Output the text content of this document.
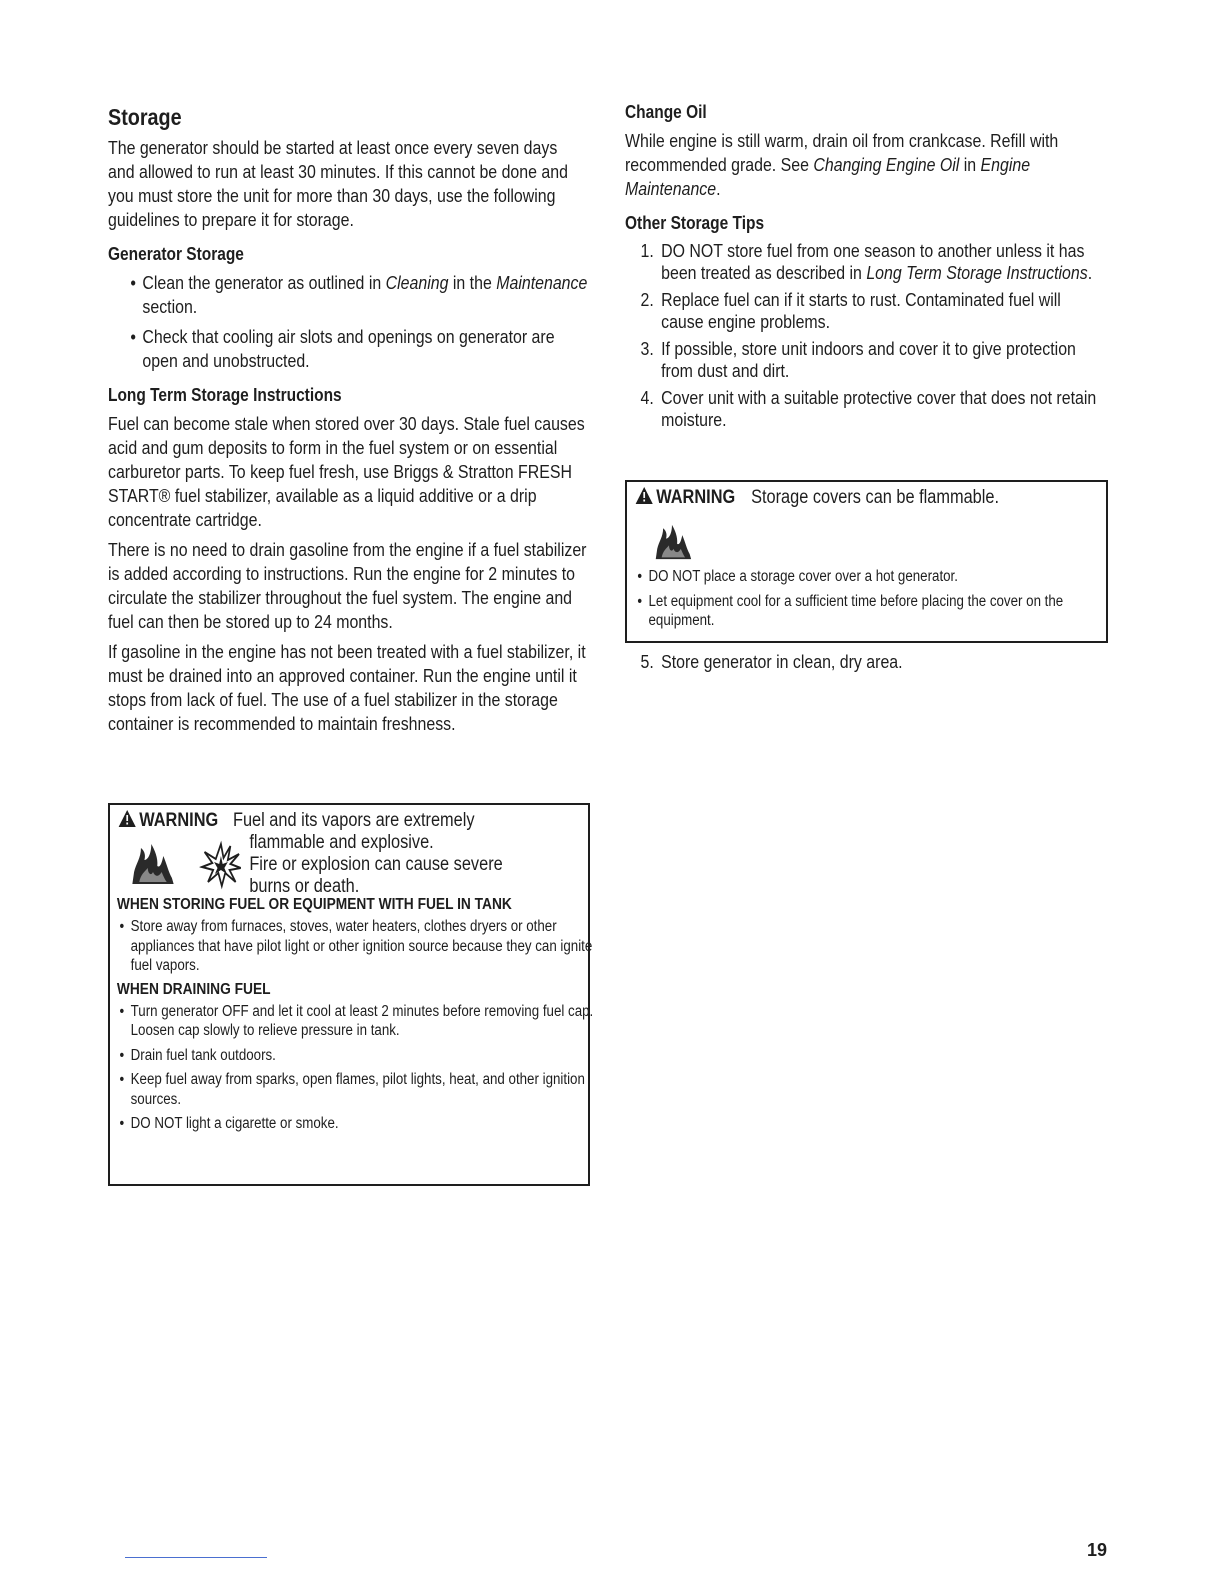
Storage

The generator should be started at least once every seven days and allowed to run at least 30 minutes. If this cannot be done and you must store the unit for more than 30 days, use the following guidelines to prepare it for storage.

Generator Storage
• Clean the generator as outlined in Cleaning in the Maintenance section.
• Check that cooling air slots and openings on generator are open and unobstructed.
Long Term Storage Instructions

Fuel can become stale when stored over 30 days. Stale fuel causes acid and gum deposits to form in the fuel system or on essential carburetor parts. To keep fuel fresh, use Briggs & Stratton FRESH START® fuel stabilizer, available as a liquid additive or a drip concentrate cartridge.

There is no need to drain gasoline from the engine if a fuel stabilizer is added according to instructions. Run the engine for 2 minutes to circulate the stabilizer throughout the fuel system. The engine and fuel can then be stored up to 24 months.

If gasoline in the engine has not been treated with a fuel stabilizer, it must be drained into an approved container. Run the engine until it stops from lack of fuel. The use of a fuel stabilizer in the storage container is recommended to maintain freshness.

WARNING Fuel and its vapors are extremely
flammable and explosive.
Fire or explosion can cause severe
burns or death.
WHEN STORING FUEL OR EQUIPMENT WITH FUEL IN TANK
• Store away from furnaces, stoves, water heaters, clothes dryers or other appliances that have pilot light or other ignition source because they can ignite fuel vapors.
WHEN DRAINING FUEL
• Turn generator OFF and let it cool at least 2 minutes before removing fuel cap. Loosen cap slowly to relieve pressure in tank.
• Drain fuel tank outdoors.
• Keep fuel away from sparks, open flames, pilot lights, heat, and other ignition sources.
• DO NOT light a cigarette or smoke.
Change Oil

While engine is still warm, drain oil from crankcase. Refill with recommended grade. See Changing Engine Oil in Engine Maintenance.

Other Storage Tips
1. DO NOT store fuel from one season to another unless it has been treated as described in Long Term Storage Instructions.
2. Replace fuel can if it starts to rust. Contaminated fuel will cause engine problems.
3. If possible, store unit indoors and cover it to give protection from dust and dirt.
4. Cover unit with a suitable protective cover that does not retain moisture.
WARNING Storage covers can be flammable.
• DO NOT place a storage cover over a hot generator.
• Let equipment cool for a sufficient time before placing the cover on the equipment.
5. Store generator in clean, dry area.
19
